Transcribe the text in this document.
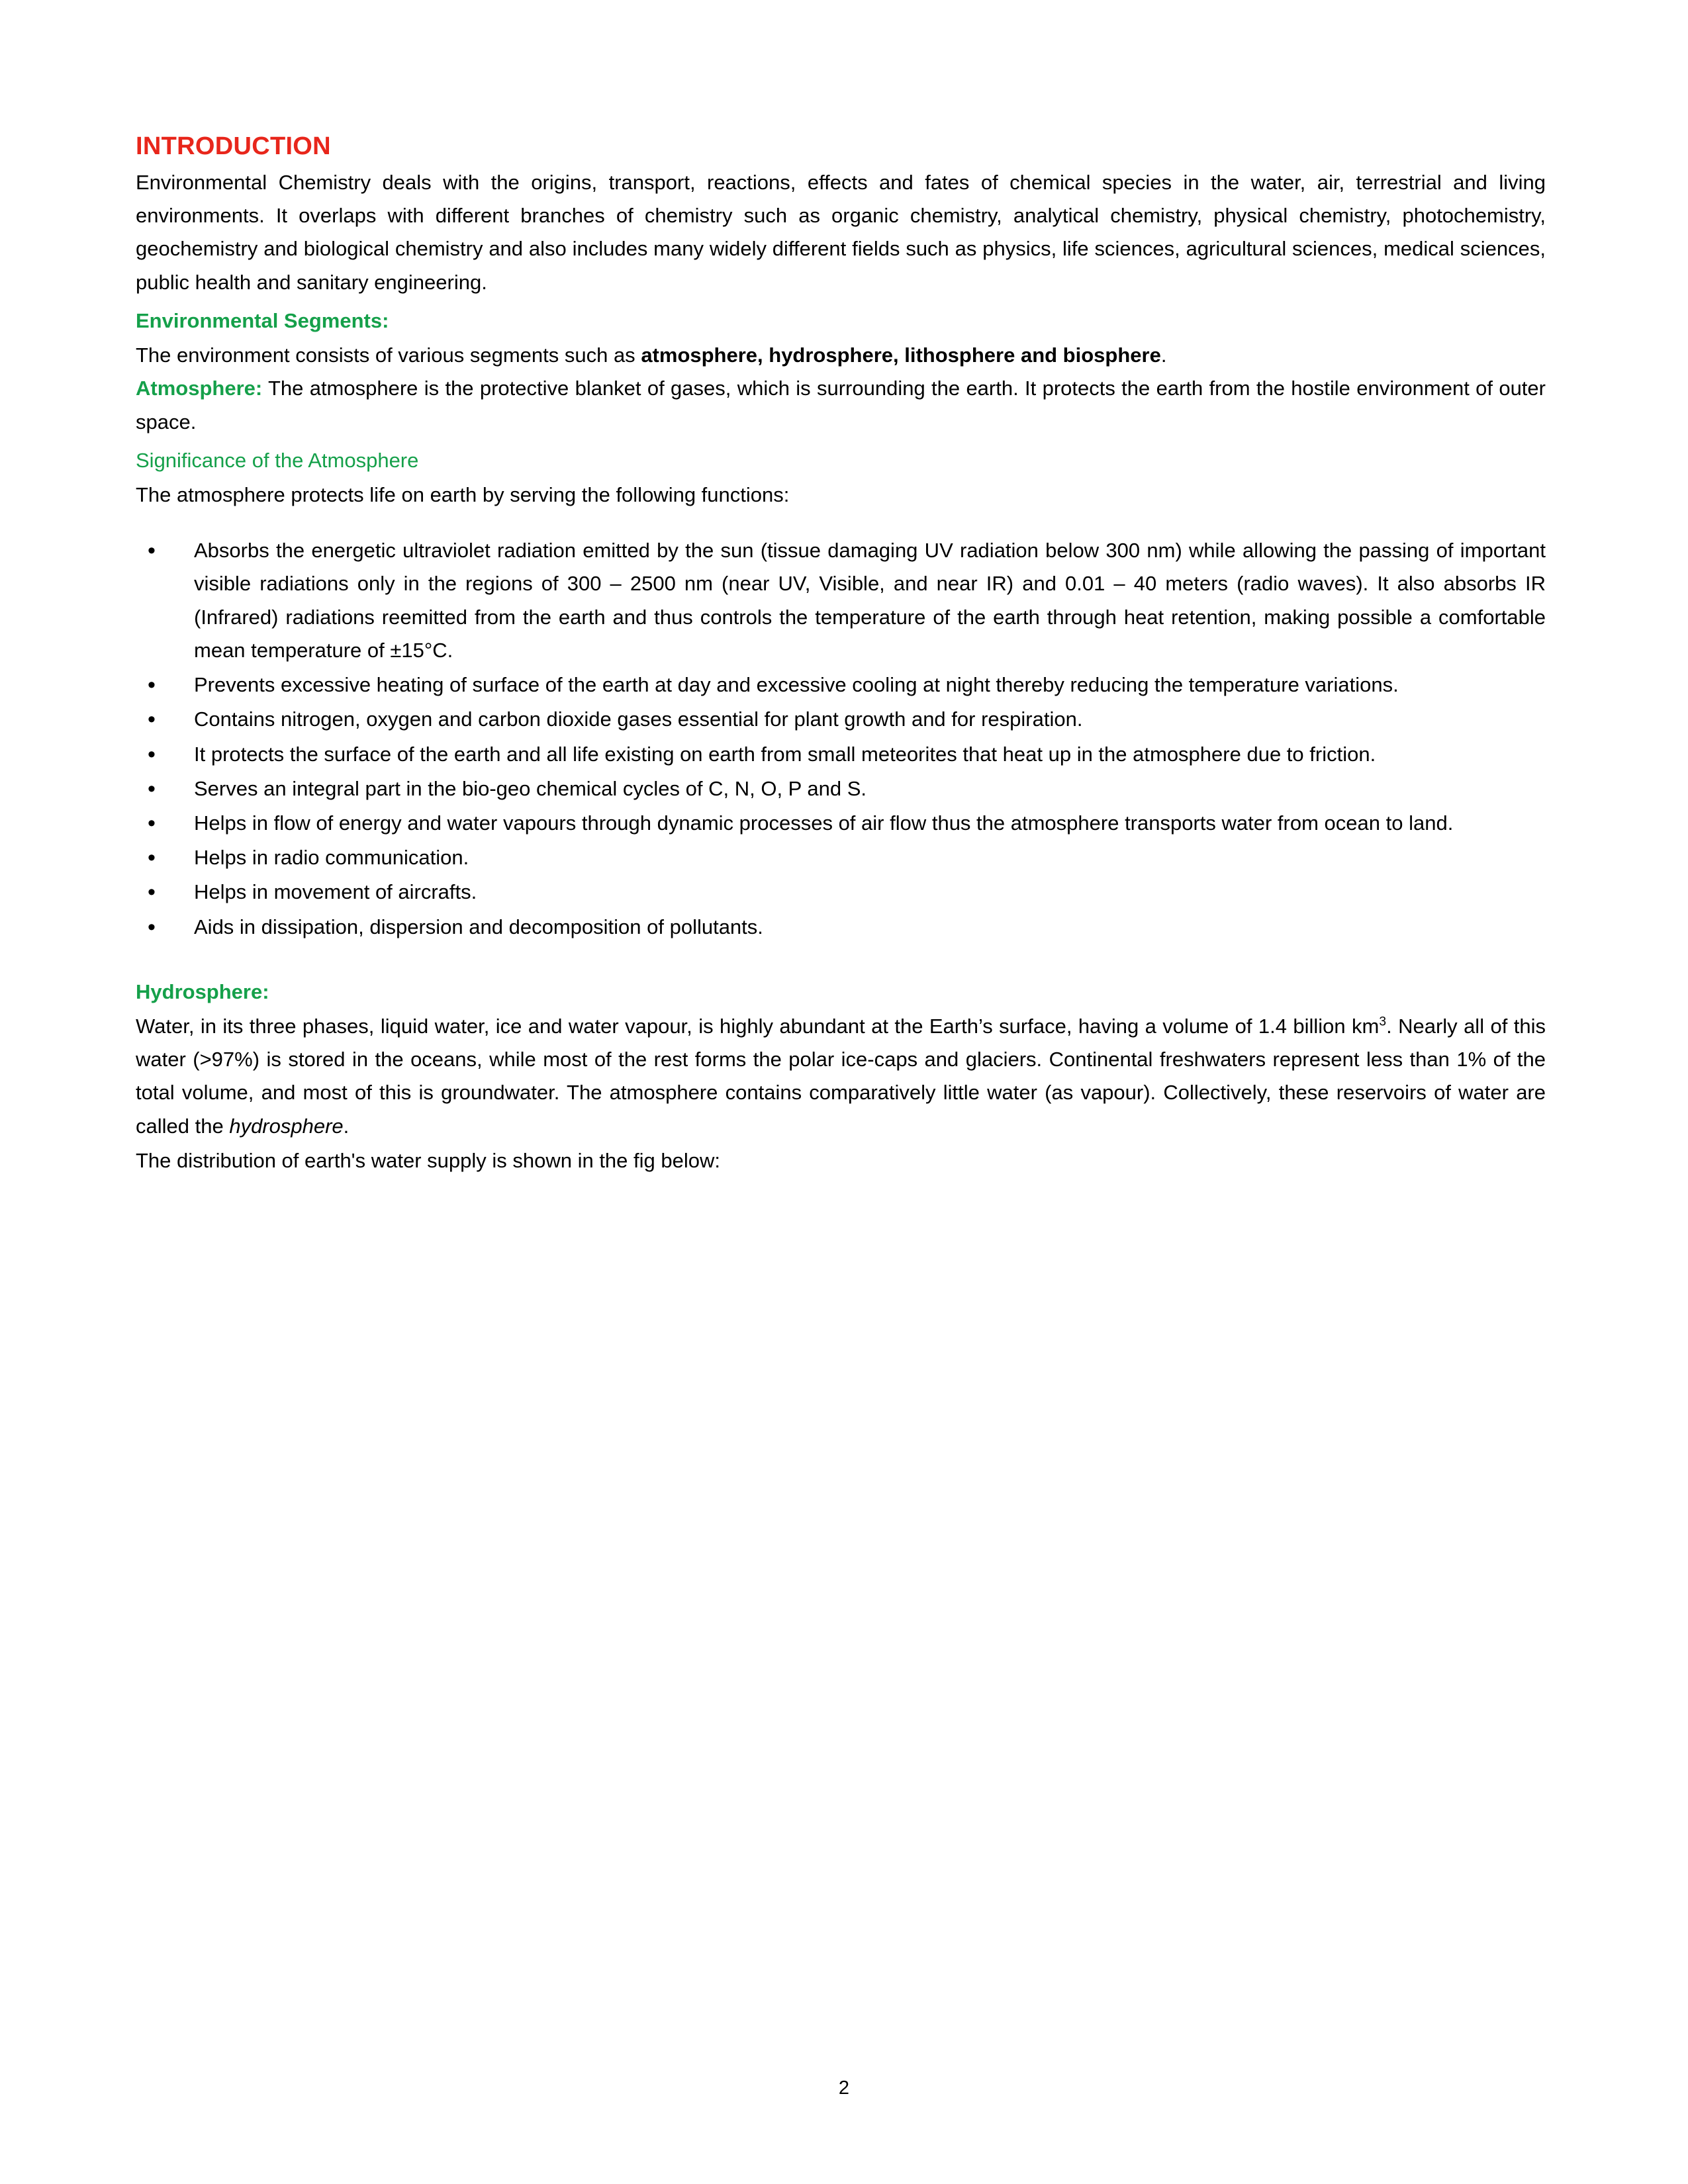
INTRODUCTION

Environmental Chemistry deals with the origins, transport, reactions, effects and fates of chemical species in the water, air, terrestrial and living environments. It overlaps with different branches of chemistry such as organic chemistry, analytical chemistry, physical chemistry, photochemistry, geochemistry and biological chemistry and also includes many widely different fields such as physics, life sciences, agricultural sciences, medical sciences, public health and sanitary engineering.

Environmental Segments:

The environment consists of various segments such as atmosphere, hydrosphere, lithosphere and biosphere.

Atmosphere: The atmosphere is the protective blanket of gases, which is surrounding the earth. It protects the earth from the hostile environment of outer space.

Significance of the Atmosphere

The atmosphere protects life on earth by serving the following functions:

• Absorbs the energetic ultraviolet radiation emitted by the sun (tissue damaging UV radiation below 300 nm) while allowing the passing of important visible radiations only in the regions of 300 – 2500 nm (near UV, Visible, and near IR) and 0.01 – 40 meters (radio waves). It also absorbs IR (Infrared) radiations reemitted from the earth and thus controls the temperature of the earth through heat retention, making possible a comfortable mean temperature of ±15°C.
• Prevents excessive heating of surface of the earth at day and excessive cooling at night thereby reducing the temperature variations.
• Contains nitrogen, oxygen and carbon dioxide gases essential for plant growth and for respiration.
• It protects the surface of the earth and all life existing on earth from small meteorites that heat up in the atmosphere due to friction.
• Serves an integral part in the bio-geo chemical cycles of C, N, O, P and S.
• Helps in flow of energy and water vapours through dynamic processes of air flow thus the atmosphere transports water from ocean to land.
• Helps in radio communication.
• Helps in movement of aircrafts.
• Aids in dissipation, dispersion and decomposition of pollutants.

Hydrosphere:

Water, in its three phases, liquid water, ice and water vapour, is highly abundant at the Earth’s surface, having a volume of 1.4 billion $km^3$. Nearly all of this water (>97%) is stored in the oceans, while most of the rest forms the polar ice-caps and glaciers. Continental freshwaters represent less than 1% of the total volume, and most of this is groundwater. The atmosphere contains comparatively little water (as vapour). Collectively, these reservoirs of water are called the hydrosphere.

The distribution of earth's water supply is shown in the fig below:

2
